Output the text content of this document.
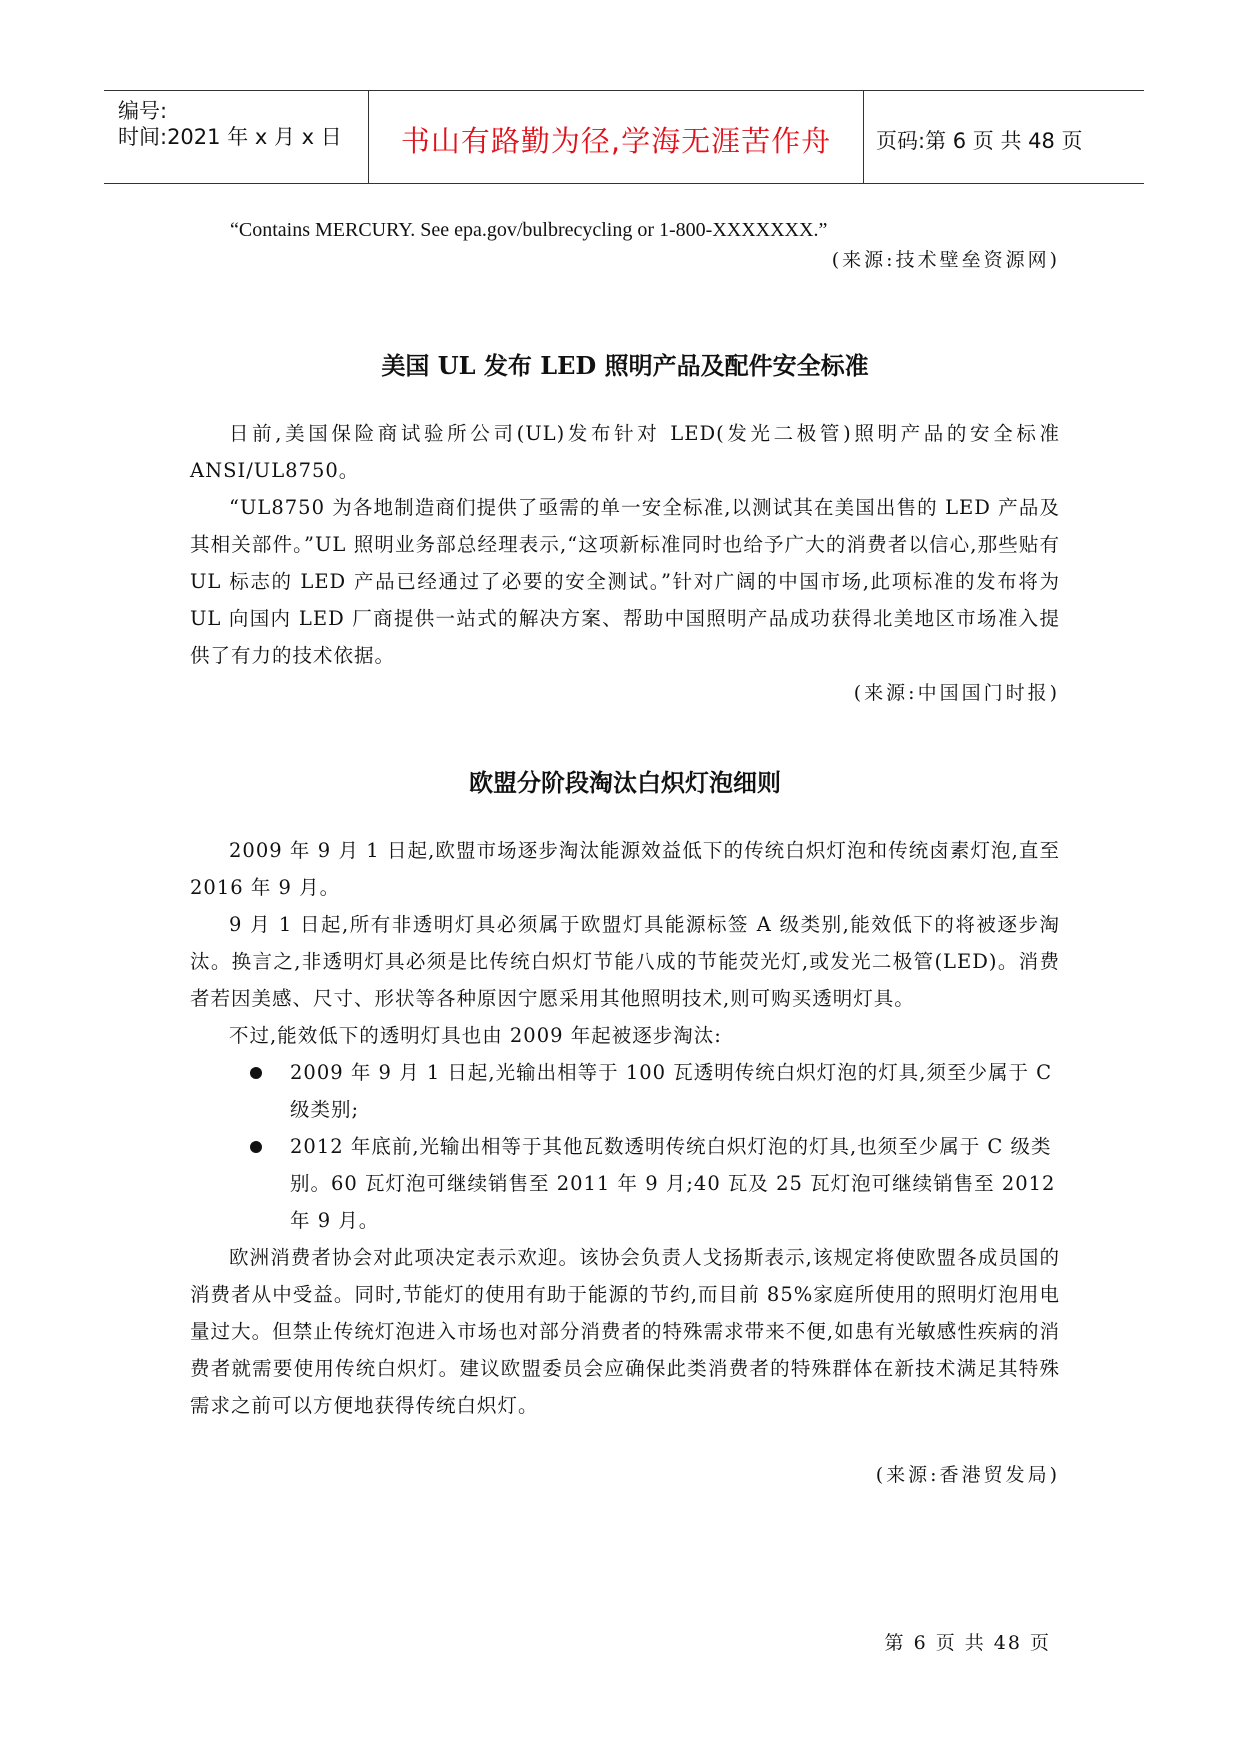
编号:
时间:2021 年 x 月 x 日	书山有路勤为径,学海无涯苦作舟	页码:第 6 页 共 48 页
“Contains MERCURY. See epa.gov/bulbrecycling or 1-800-XXXXXXX.”
(来源:技术壁垒资源网)
美国 UL 发布 LED 照明产品及配件安全标准

日前,美国保险商试验所公司(UL)发布针对 LED(发光二极管)照明产品的安全标准 ANSI/UL8750。

“UL8750 为各地制造商们提供了亟需的单一安全标准,以测试其在美国出售的 LED 产品及其相关部件。”UL 照明业务部总经理表示,“这项新标准同时也给予广大的消费者以信心,那些贴有 UL 标志的 LED 产品已经通过了必要的安全测试。”针对广阔的中国市场,此项标准的发布将为 UL 向国内 LED 厂商提供一站式的解决方案、帮助中国照明产品成功获得北美地区市场准入提供了有力的技术依据。

(来源:中国国门时报)
欧盟分阶段淘汰白炽灯泡细则

2009 年 9 月 1 日起,欧盟市场逐步淘汰能源效益低下的传统白炽灯泡和传统卤素灯泡,直至 2016 年 9 月。

9 月 1 日起,所有非透明灯具必须属于欧盟灯具能源标签 A 级类别,能效低下的将被逐步淘汰。换言之,非透明灯具必须是比传统白炽灯节能八成的节能荧光灯,或发光二极管(LED)。消费者若因美感、尺寸、形状等各种原因宁愿采用其他照明技术,则可购买透明灯具。

不过,能效低下的透明灯具也由 2009 年起被逐步淘汰:

2009 年 9 月 1 日起,光输出相等于 100 瓦透明传统白炽灯泡的灯具,须至少属于 C 级类别;
2012 年底前,光输出相等于其他瓦数透明传统白炽灯泡的灯具,也须至少属于 C 级类别。60 瓦灯泡可继续销售至 2011 年 9 月;40 瓦及 25 瓦灯泡可继续销售至 2012 年 9 月。

欧洲消费者协会对此项决定表示欢迎。该协会负责人戈扬斯表示,该规定将使欧盟各成员国的消费者从中受益。同时,节能灯的使用有助于能源的节约,而目前 85%家庭所使用的照明灯泡用电量过大。但禁止传统灯泡进入市场也对部分消费者的特殊需求带来不便,如患有光敏感性疾病的消费者就需要使用传统白炽灯。建议欧盟委员会应确保此类消费者的特殊群体在新技术满足其特殊需求之前可以方便地获得传统白炽灯。

(来源:香港贸发局)
第 6 页 共 48 页
